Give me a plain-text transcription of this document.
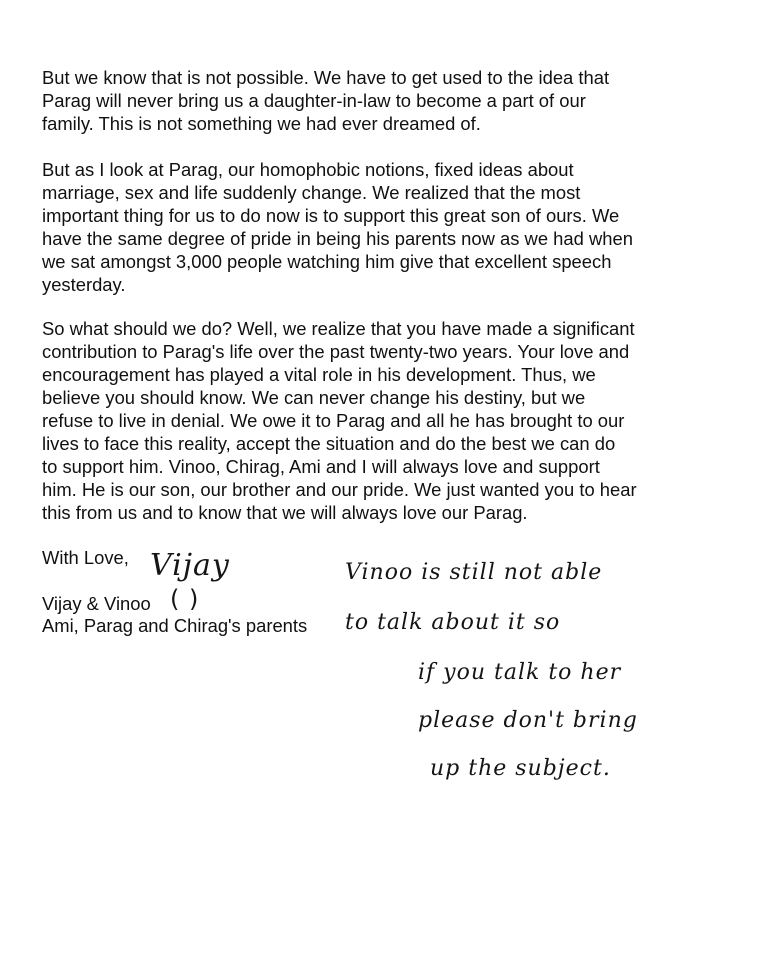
But we know that is not possible. We have to get used to the idea that
Parag will never bring us a daughter-in-law to become a part of our
family. This is not something we had ever dreamed of.

But as I look at Parag, our homophobic notions, fixed ideas about
marriage, sex and life suddenly change. We realized that the most
important thing for us to do now is to support this great son of ours. We
have the same degree of pride in being his parents now as we had when
we sat amongst 3,000 people watching him give that excellent speech
yesterday.

So what should we do? Well, we realize that you have made a significant
contribution to Parag's life over the past twenty-two years. Your love and
encouragement has played a vital role in his development. Thus, we
believe you should know. We can never change his destiny, but we
refuse to live in denial. We owe it to Parag and all he has brought to our
lives to face this reality, accept the situation and do the best we can do
to support him. Vinoo, Chirag, Ami and I will always love and support
him. He is our son, our brother and our pride. We just wanted you to hear
this from us and to know that we will always love our Parag.

With Love,
Vijay & Vinoo
Ami, Parag and Chirag's parents
Vijay
( )
Vinoo is still not able
to talk about it so
if you talk to her
please don't bring
up the subject.
